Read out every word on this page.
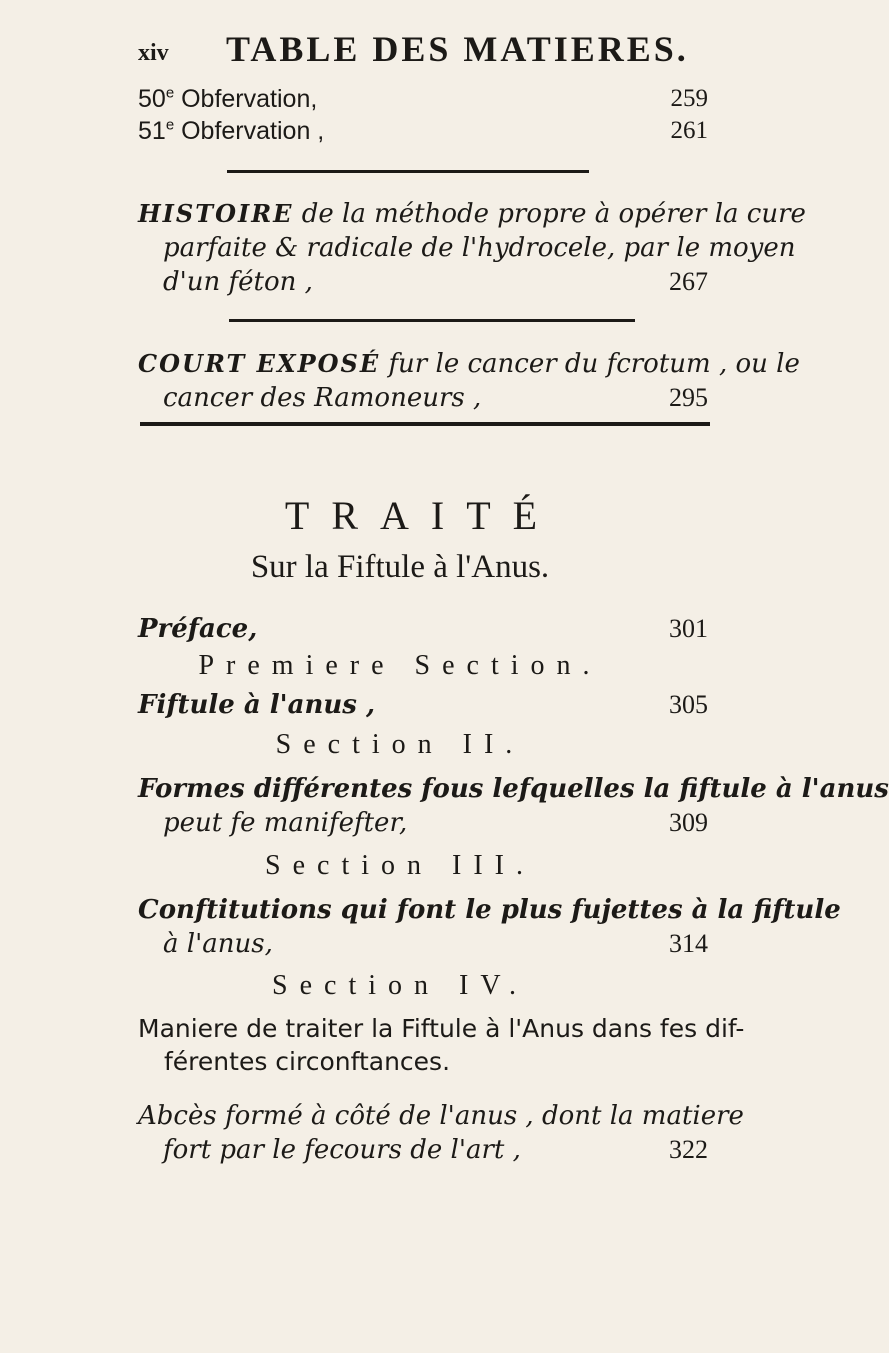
xiv TABLE DES MATIERES.
50e Obfervation,	259
51e Obfervation ,	261
HISTOIRE de la méthode propre à opérer la cure
parfaite & radicale de l'hydrocele, par le moyen
d'un féton ,	267
COURT EXPOSÉ fur le cancer du fcrotum , ou le
cancer des Ramoneurs ,	295
TRAITÉ
Sur la Fiftule à l'Anus.
Préface,	301
Premiere Section.
Fiftule à l'anus ,	305
Section II.
Formes différentes fous lefquelles la fiftule à l'anus
peut fe manifefter,	309
Section III.
Conftitutions qui font le plus fujettes à la fiftule
à l'anus,	314
Section IV.
Maniere de traiter la Fiftule à l'Anus dans fes dif-
férentes circonftances.
Abcès formé à côté de l'anus , dont la matiere
fort par le fecours de l'art ,	322
